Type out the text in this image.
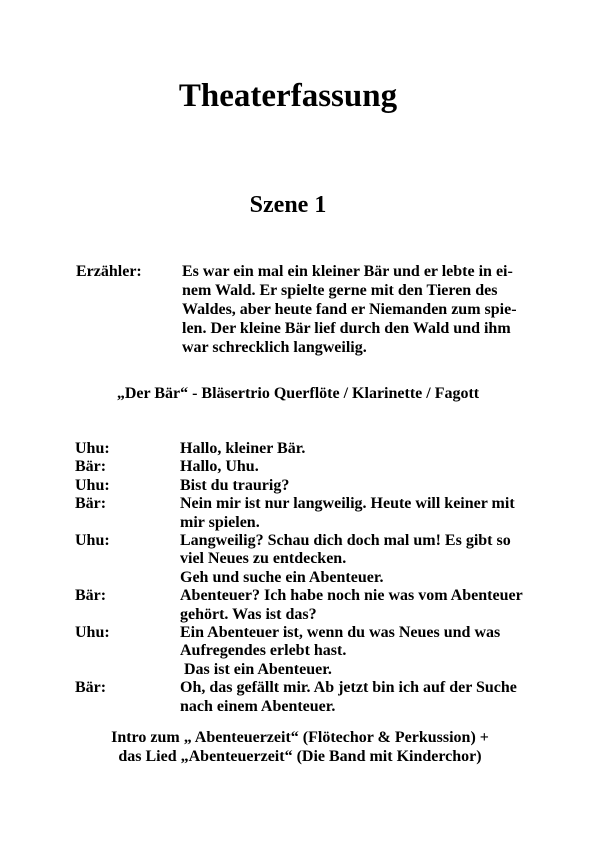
Theaterfassung
Szene 1
Erzähler:	Es war ein mal ein kleiner Bär und er lebte in ei-
nem Wald. Er spielte gerne mit den Tieren des
Waldes, aber heute fand er Niemanden zum spie-
len. Der kleine Bär lief durch den Wald und ihm
war schrecklich langweilig.
„Der Bär“ - Bläsertrio Querflöte / Klarinette / Fagott
Uhu:	Hallo, kleiner Bär.
Bär:	Hallo, Uhu.
Uhu:	Bist du traurig?
Bär:	Nein mir ist nur langweilig. Heute will keiner mit
mir spielen.
Uhu:	Langweilig? Schau dich doch mal um! Es gibt so
viel Neues zu entdecken.
Geh und suche ein Abenteuer.
Bär:	Abenteuer? Ich habe noch nie was vom Abenteuer
gehört. Was ist das?
Uhu:	Ein Abenteuer ist, wenn du was Neues und was
Aufregendes erlebt hast.
Das ist ein Abenteuer.
Bär:	Oh, das gefällt mir. Ab jetzt bin ich auf der Suche
nach einem Abenteuer.
Intro zum „ Abenteuerzeit“ (Flötechor & Perkussion) +
das Lied „Abenteuerzeit“ (Die Band mit Kinderchor)
